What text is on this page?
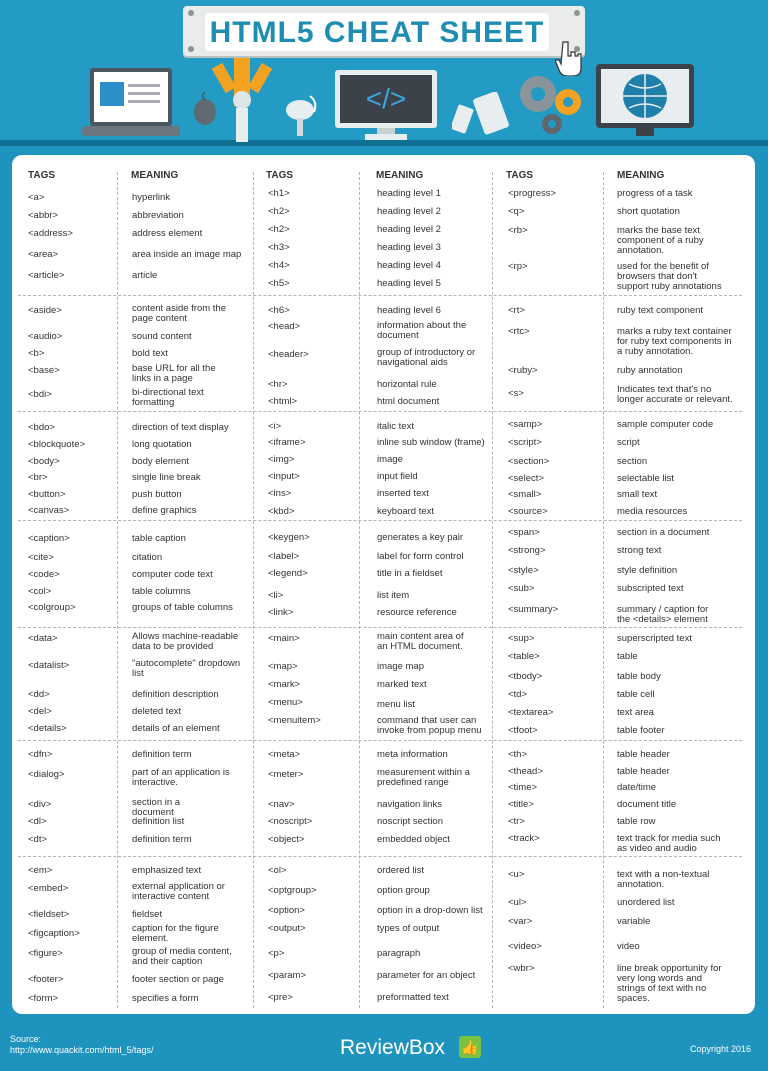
</>
HTML5 CHEAT SHEET
TAGS	MEANING	TAGS	MEANING	TAGS	MEANING
<a>	hyperlink
<abbr>	abbreviation
<address>	address element
<area>	area inside an image map
<article>	article
<aside>	content aside from the
page content
<audio>	sound content
<b>	bold text
<base>	base URL for all the
links in a page
<bdi>	bi-directional text
formatting
<bdo>	direction of text display
<blockquote>	long quotation
<body>	body element
<br>	single line break
<button>	push button
<canvas>	define graphics
<caption>	table caption
<cite>	citation
<code>	computer code text
<col>	table columns
<colgroup>	groups of table columns
<data>	Allows machine-readable
data to be provided
<datalist>	"autocomplete" dropdown
list
<dd>	definition description
<del>	deleted text
<details>	details of an element
<dfn>	definition term
<dialog>	part of an application is
interactive.
<div>	section in a
document
<dl>	definition list
<dt>	definition term
<em>	emphasized text
<embed>	external application or
interactive content
<fieldset>	fieldset
<figcaption>	caption for the figure
element.
<figure>	group of media content,
and their caption
<footer>	footer section or page
<form>	specifies a form
<h1>	heading level 1
<h2>	heading level 2
<h2>	heading level 2
<h3>	heading level 3
<h4>	heading level 4
<h5>	heading level 5
<h6>	heading level 6
<head>	information about the
document
<header>	group of introductory or
navigational aids
<hr>	horizontal rule
<html>	html document
<i>	italic text
<iframe>	inline sub window (frame)
<img>	image
<input>	input field
<ins>	inserted text
<kbd>	keyboard text
<keygen>	generates a key pair
<label>	label for form control
<legend>	title in a fieldset
<li>	list item
<link>	resource reference
<main>	main content area of
an HTML document.
<map>	image map
<mark>	marked text
<menu>	menu list
<menuitem>	command that user can
invoke from popup menu
<meta>	meta information
<meter>	measurement within a
predefined range
<nav>	navigation links
<noscript>	noscript section
<object>	embedded object
<ol>	ordered list
<optgroup>	option group
<option>	option in a drop-down list
<output>	types of output
<p>	paragraph
<param>	parameter for an object
<pre>	preformatted text
<progress>	progress of a task
<q>	short quotation
<rb>	marks the base text
component of a ruby
annotation.
<rp>	used for the benefit of
browsers that don't
support ruby annotations
<rt>	ruby text component
<rtc>	marks a ruby text container
for ruby text components in
a ruby annotation.
<ruby>	ruby annotation
<s>	Indicates text that's no
longer accurate or relevant.
<samp>	sample computer code
<script>	script
<section>	section
<select>	selectable list
<small>	small text
<source>	media resources
<span>	section in a document
<strong>	strong text
<style>	style definition
<sub>	subscripted text
<summary>	summary / caption for
the <details> element
<sup>	superscripted text
<table>	table
<tbody>	table body
<td>	table cell
<textarea>	text area
<tfoot>	table footer
<th>	table header
<thead>	table header
<time>	date/time
<title>	document title
<tr>	table row
<track>	text track for media such
as video and audio
<u>	text with a non-textual
annotation.
<ul>	unordered list
<var>	variable
<video>	video
<wbr>	line break opportunity for
very long words and
strings of text with no
spaces.
Source:
http://www.quackit.com/html_5/tags/	ReviewBox 👍	Copyright 2016
